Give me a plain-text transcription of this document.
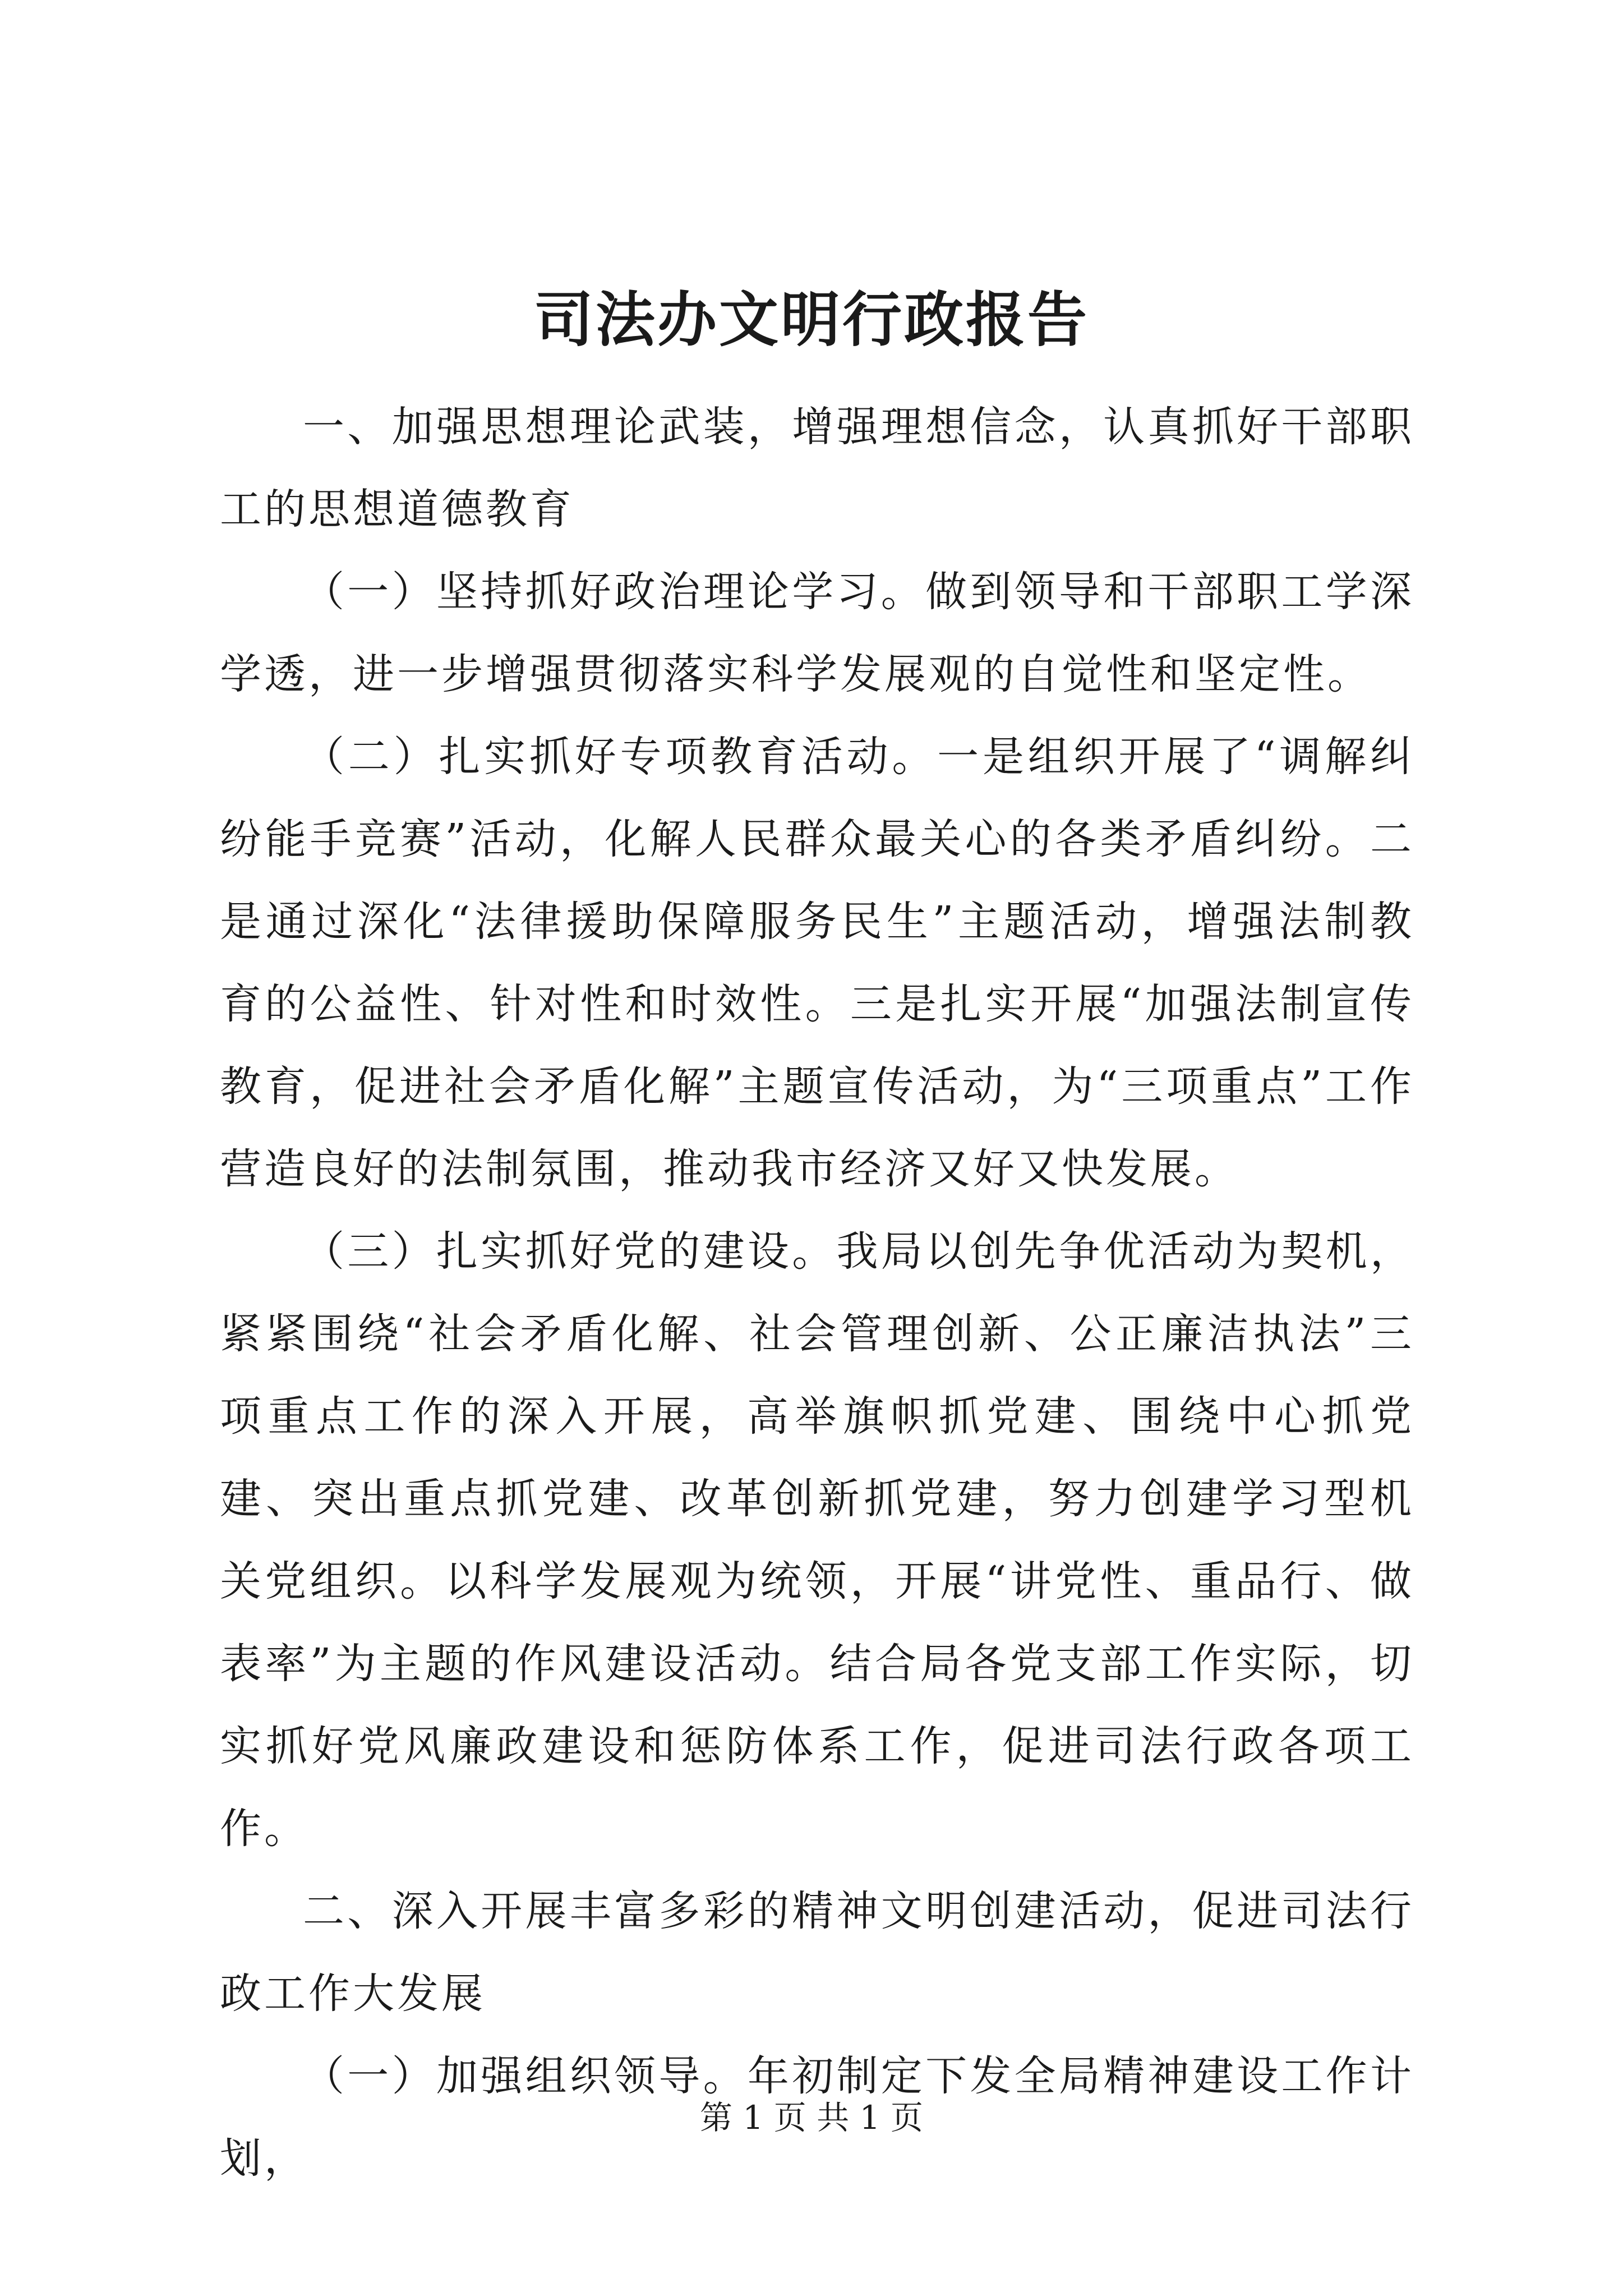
司法办文明行政报告

一、加强思想理论武装，增强理想信念，认真抓好干部职工的思想道德教育

（一）坚持抓好政治理论学习。做到领导和干部职工学深学透，进一步增强贯彻落实科学发展观的自觉性和坚定性。

（二）扎实抓好专项教育活动。一是组织开展了“调解纠纷能手竞赛”活动，化解人民群众最关心的各类矛盾纠纷。二是通过深化“法律援助保障服务民生”主题活动，增强法制教育的公益性、针对性和时效性。三是扎实开展“加强法制宣传教育，促进社会矛盾化解”主题宣传活动，为“三项重点”工作营造良好的法制氛围，推动我市经济又好又快发展。

（三）扎实抓好党的建设。我局以创先争优活动为契机，紧紧围绕“社会矛盾化解、社会管理创新、公正廉洁执法”三项重点工作的深入开展，高举旗帜抓党建、围绕中心抓党建、突出重点抓党建、改革创新抓党建，努力创建学习型机关党组织。以科学发展观为统领，开展“讲党性、重品行、做表率”为主题的作风建设活动。结合局各党支部工作实际，切实抓好党风廉政建设和惩防体系工作，促进司法行政各项工作。

二、深入开展丰富多彩的精神文明创建活动，促进司法行政工作大发展

（一）加强组织领导。年初制定下发全局精神建设工作计划，

第 1 页 共 1 页
